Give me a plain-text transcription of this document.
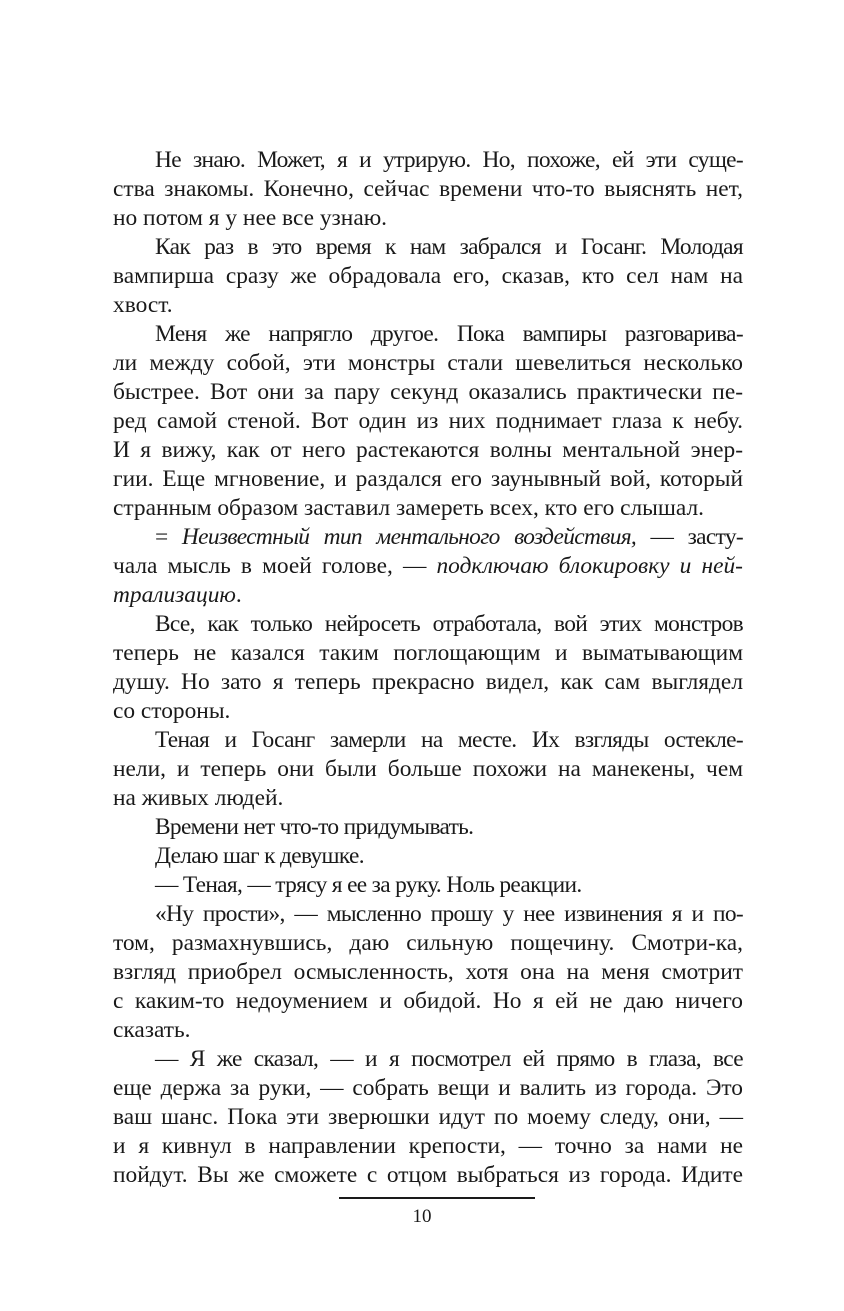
Не знаю. Может, я и утрирую. Но, похоже, ей эти суще-
ства знакомы. Конечно, сейчас времени что-то выяснять нет,
но потом я у нее все узнаю.
Как раз в это время к нам забрался и Госанг. Молодая
вампирша сразу же обрадовала его, сказав, кто сел нам на
хвост.
Меня же напрягло другое. Пока вампиры разговарива-
ли между собой, эти монстры стали шевелиться несколько
быстрее. Вот они за пару секунд оказались практически пе-
ред самой стеной. Вот один из них поднимает глаза к небу.
И я вижу, как от него растекаются волны ментальной энер-
гии. Еще мгновение, и раздался его заунывный вой, который
странным образом заставил замереть всех, кто его слышал.
= Неизвестный тип ментального воздействия, — засту-
чала мысль в моей голове, — подключаю блокировку и ней-
трализацию.
Все, как только нейросеть отработала, вой этих монстров
теперь не казался таким поглощающим и выматывающим
душу. Но зато я теперь прекрасно видел, как сам выглядел
со стороны.
Теная и Госанг замерли на месте. Их взгляды остекле-
нели, и теперь они были больше похожи на манекены, чем
на живых людей.
Времени нет что-то придумывать.
Делаю шаг к девушке.
— Теная, — трясу я ее за руку. Ноль реакции.
«Ну прости», — мысленно прошу у нее извинения я и по-
том, размахнувшись, даю сильную пощечину. Смотри-ка,
взгляд приобрел осмысленность, хотя она на меня смотрит
с каким-то недоумением и обидой. Но я ей не даю ничего
сказать.
— Я же сказал, — и я посмотрел ей прямо в глаза, все
еще держа за руки, — собрать вещи и валить из города. Это
ваш шанс. Пока эти зверюшки идут по моему следу, они, —
и я кивнул в направлении крепости, — точно за нами не
пойдут. Вы же сможете с отцом выбраться из города. Идите
10
